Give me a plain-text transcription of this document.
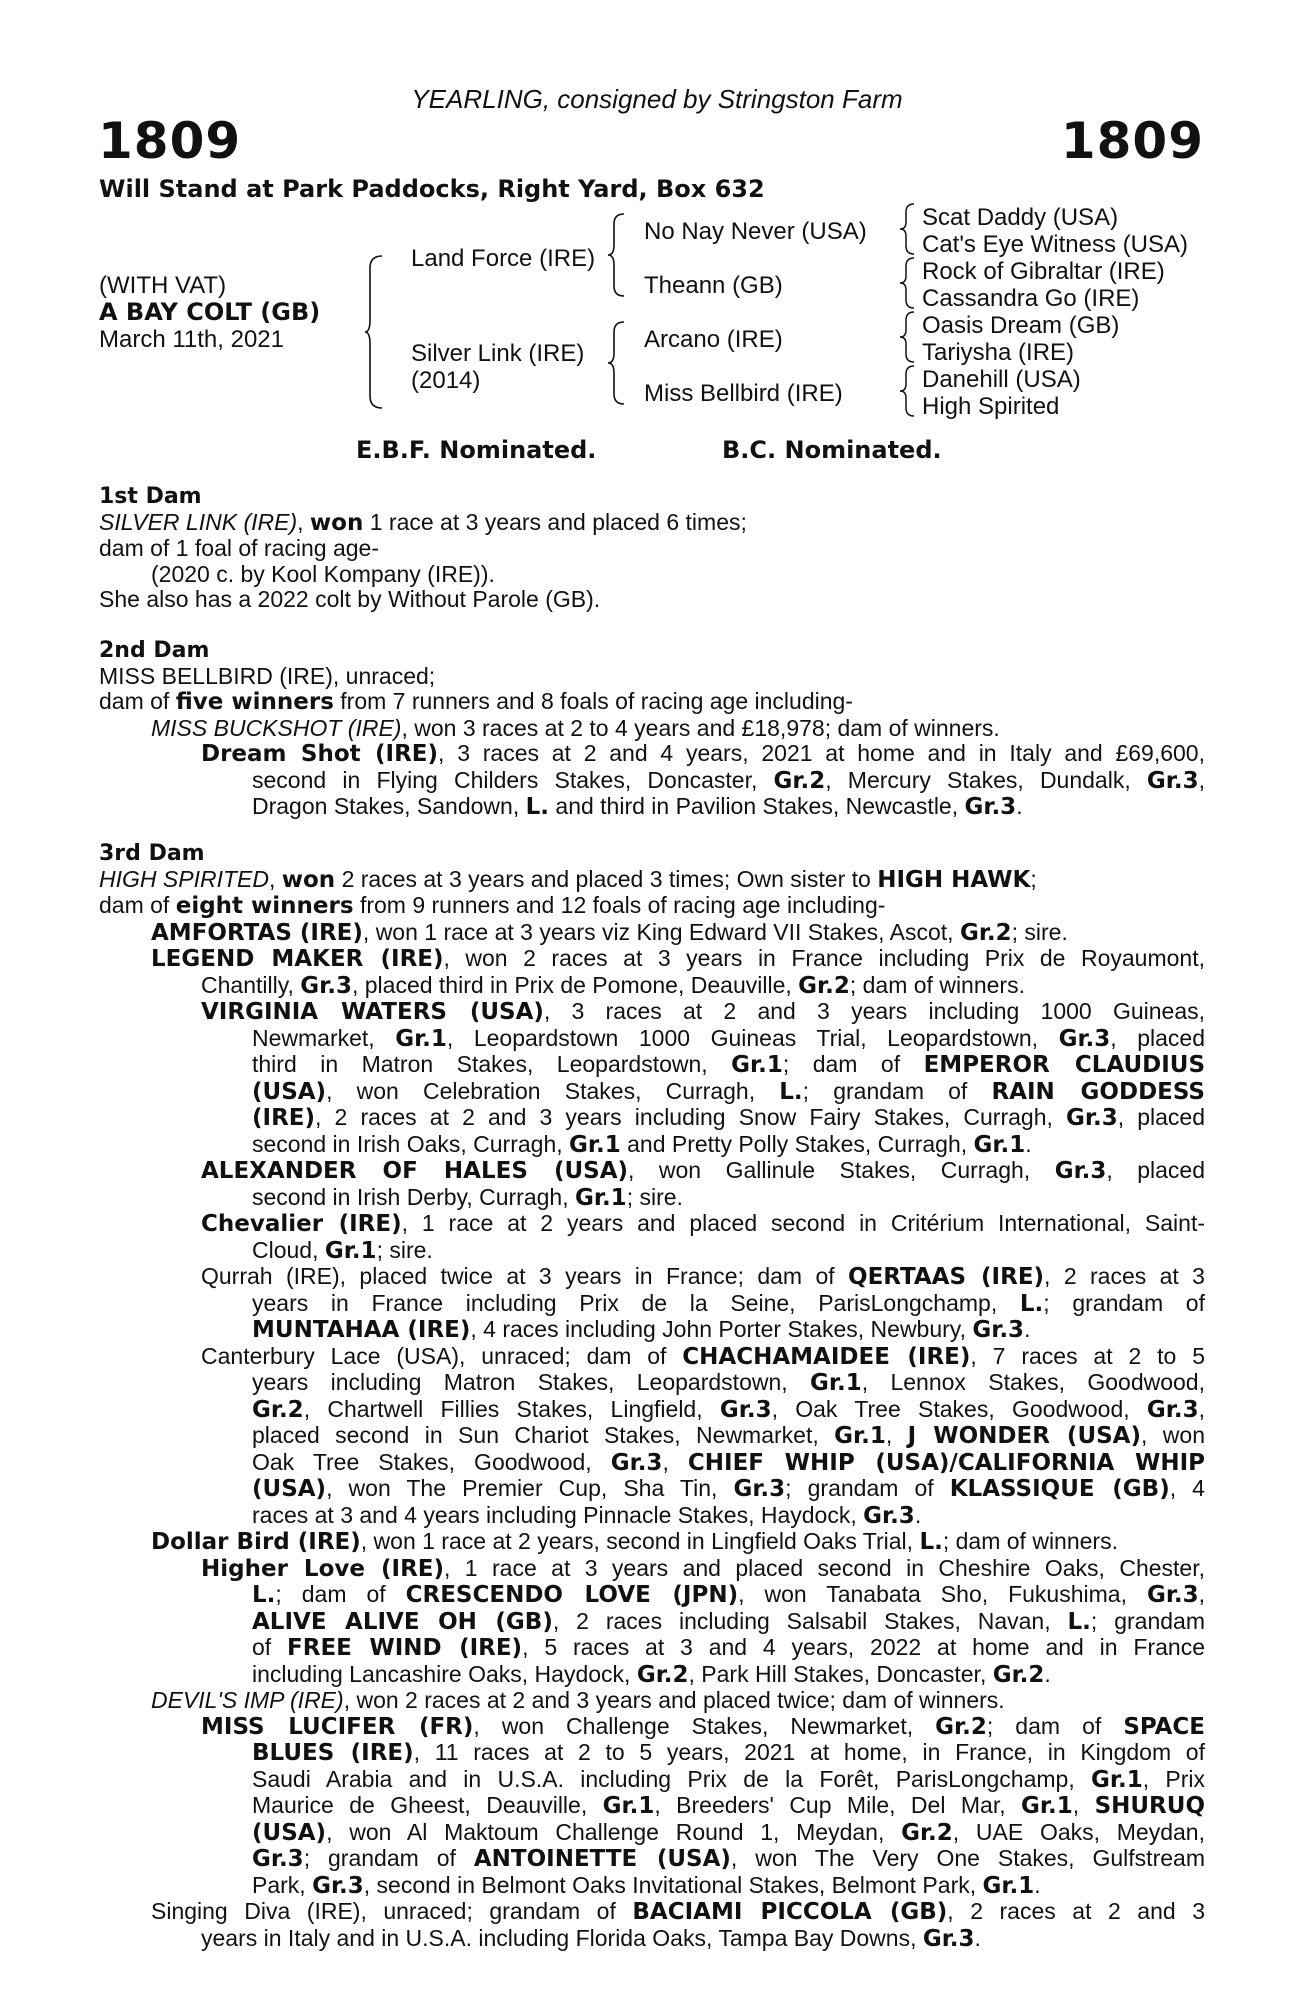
YEARLING, consigned by Stringston Farm
1809	1809
Will Stand at Park Paddocks, Right Yard, Box 632
(WITH VAT)
A BAY COLT (GB)
March 11th, 2021
Land Force (IRE)
Silver Link (IRE)
(2014)
No Nay Never (USA)
Theann (GB)
Arcano (IRE)
Miss Bellbird (IRE)
Scat Daddy (USA)
Cat's Eye Witness (USA)
Rock of Gibraltar (IRE)
Cassandra Go (IRE)
Oasis Dream (GB)
Tariysha (IRE)
Danehill (USA)
High Spirited
E.B.F. Nominated.	B.C. Nominated.
1st Dam
SILVER LINK (IRE), won 1 race at 3 years and placed 6 times;
dam of 1 foal of racing age-
(2020 c. by Kool Kompany (IRE)).
She also has a 2022 colt by Without Parole (GB).
2nd Dam
MISS BELLBIRD (IRE), unraced;
dam of five winners from 7 runners and 8 foals of racing age including-
MISS BUCKSHOT (IRE), won 3 races at 2 to 4 years and £18,978; dam of winners.
Dream Shot (IRE), 3 races at 2 and 4 years, 2021 at home and in Italy and £69,600,
second in Flying Childers Stakes, Doncaster, Gr.2, Mercury Stakes, Dundalk, Gr.3,
Dragon Stakes, Sandown, L. and third in Pavilion Stakes, Newcastle, Gr.3.
3rd Dam
HIGH SPIRITED, won 2 races at 3 years and placed 3 times; Own sister to HIGH HAWK;
dam of eight winners from 9 runners and 12 foals of racing age including-
AMFORTAS (IRE), won 1 race at 3 years viz King Edward VII Stakes, Ascot, Gr.2; sire.
LEGEND MAKER (IRE), won 2 races at 3 years in France including Prix de Royaumont,
Chantilly, Gr.3, placed third in Prix de Pomone, Deauville, Gr.2; dam of winners.
VIRGINIA WATERS (USA), 3 races at 2 and 3 years including 1000 Guineas,
Newmarket, Gr.1, Leopardstown 1000 Guineas Trial, Leopardstown, Gr.3, placed
third in Matron Stakes, Leopardstown, Gr.1; dam of EMPEROR CLAUDIUS
(USA), won Celebration Stakes, Curragh, L.; grandam of RAIN GODDESS
(IRE), 2 races at 2 and 3 years including Snow Fairy Stakes, Curragh, Gr.3, placed
second in Irish Oaks, Curragh, Gr.1 and Pretty Polly Stakes, Curragh, Gr.1.
ALEXANDER OF HALES (USA), won Gallinule Stakes, Curragh, Gr.3, placed
second in Irish Derby, Curragh, Gr.1; sire.
Chevalier (IRE), 1 race at 2 years and placed second in Critérium International, Saint-
Cloud, Gr.1; sire.
Qurrah (IRE), placed twice at 3 years in France; dam of QERTAAS (IRE), 2 races at 3
years in France including Prix de la Seine, ParisLongchamp, L.; grandam of
MUNTAHAA (IRE), 4 races including John Porter Stakes, Newbury, Gr.3.
Canterbury Lace (USA), unraced; dam of CHACHAMAIDEE (IRE), 7 races at 2 to 5
years including Matron Stakes, Leopardstown, Gr.1, Lennox Stakes, Goodwood,
Gr.2, Chartwell Fillies Stakes, Lingfield, Gr.3, Oak Tree Stakes, Goodwood, Gr.3,
placed second in Sun Chariot Stakes, Newmarket, Gr.1, J WONDER (USA), won
Oak Tree Stakes, Goodwood, Gr.3, CHIEF WHIP (USA)/CALIFORNIA WHIP
(USA), won The Premier Cup, Sha Tin, Gr.3; grandam of KLASSIQUE (GB), 4
races at 3 and 4 years including Pinnacle Stakes, Haydock, Gr.3.
Dollar Bird (IRE), won 1 race at 2 years, second in Lingfield Oaks Trial, L.; dam of winners.
Higher Love (IRE), 1 race at 3 years and placed second in Cheshire Oaks, Chester,
L.; dam of CRESCENDO LOVE (JPN), won Tanabata Sho, Fukushima, Gr.3,
ALIVE ALIVE OH (GB), 2 races including Salsabil Stakes, Navan, L.; grandam
of FREE WIND (IRE), 5 races at 3 and 4 years, 2022 at home and in France
including Lancashire Oaks, Haydock, Gr.2, Park Hill Stakes, Doncaster, Gr.2.
DEVIL'S IMP (IRE), won 2 races at 2 and 3 years and placed twice; dam of winners.
MISS LUCIFER (FR), won Challenge Stakes, Newmarket, Gr.2; dam of SPACE
BLUES (IRE), 11 races at 2 to 5 years, 2021 at home, in France, in Kingdom of
Saudi Arabia and in U.S.A. including Prix de la Forêt, ParisLongchamp, Gr.1, Prix
Maurice de Gheest, Deauville, Gr.1, Breeders' Cup Mile, Del Mar, Gr.1, SHURUQ
(USA), won Al Maktoum Challenge Round 1, Meydan, Gr.2, UAE Oaks, Meydan,
Gr.3; grandam of ANTOINETTE (USA), won The Very One Stakes, Gulfstream
Park, Gr.3, second in Belmont Oaks Invitational Stakes, Belmont Park, Gr.1.
Singing Diva (IRE), unraced; grandam of BACIAMI PICCOLA (GB), 2 races at 2 and 3
years in Italy and in U.S.A. including Florida Oaks, Tampa Bay Downs, Gr.3.
